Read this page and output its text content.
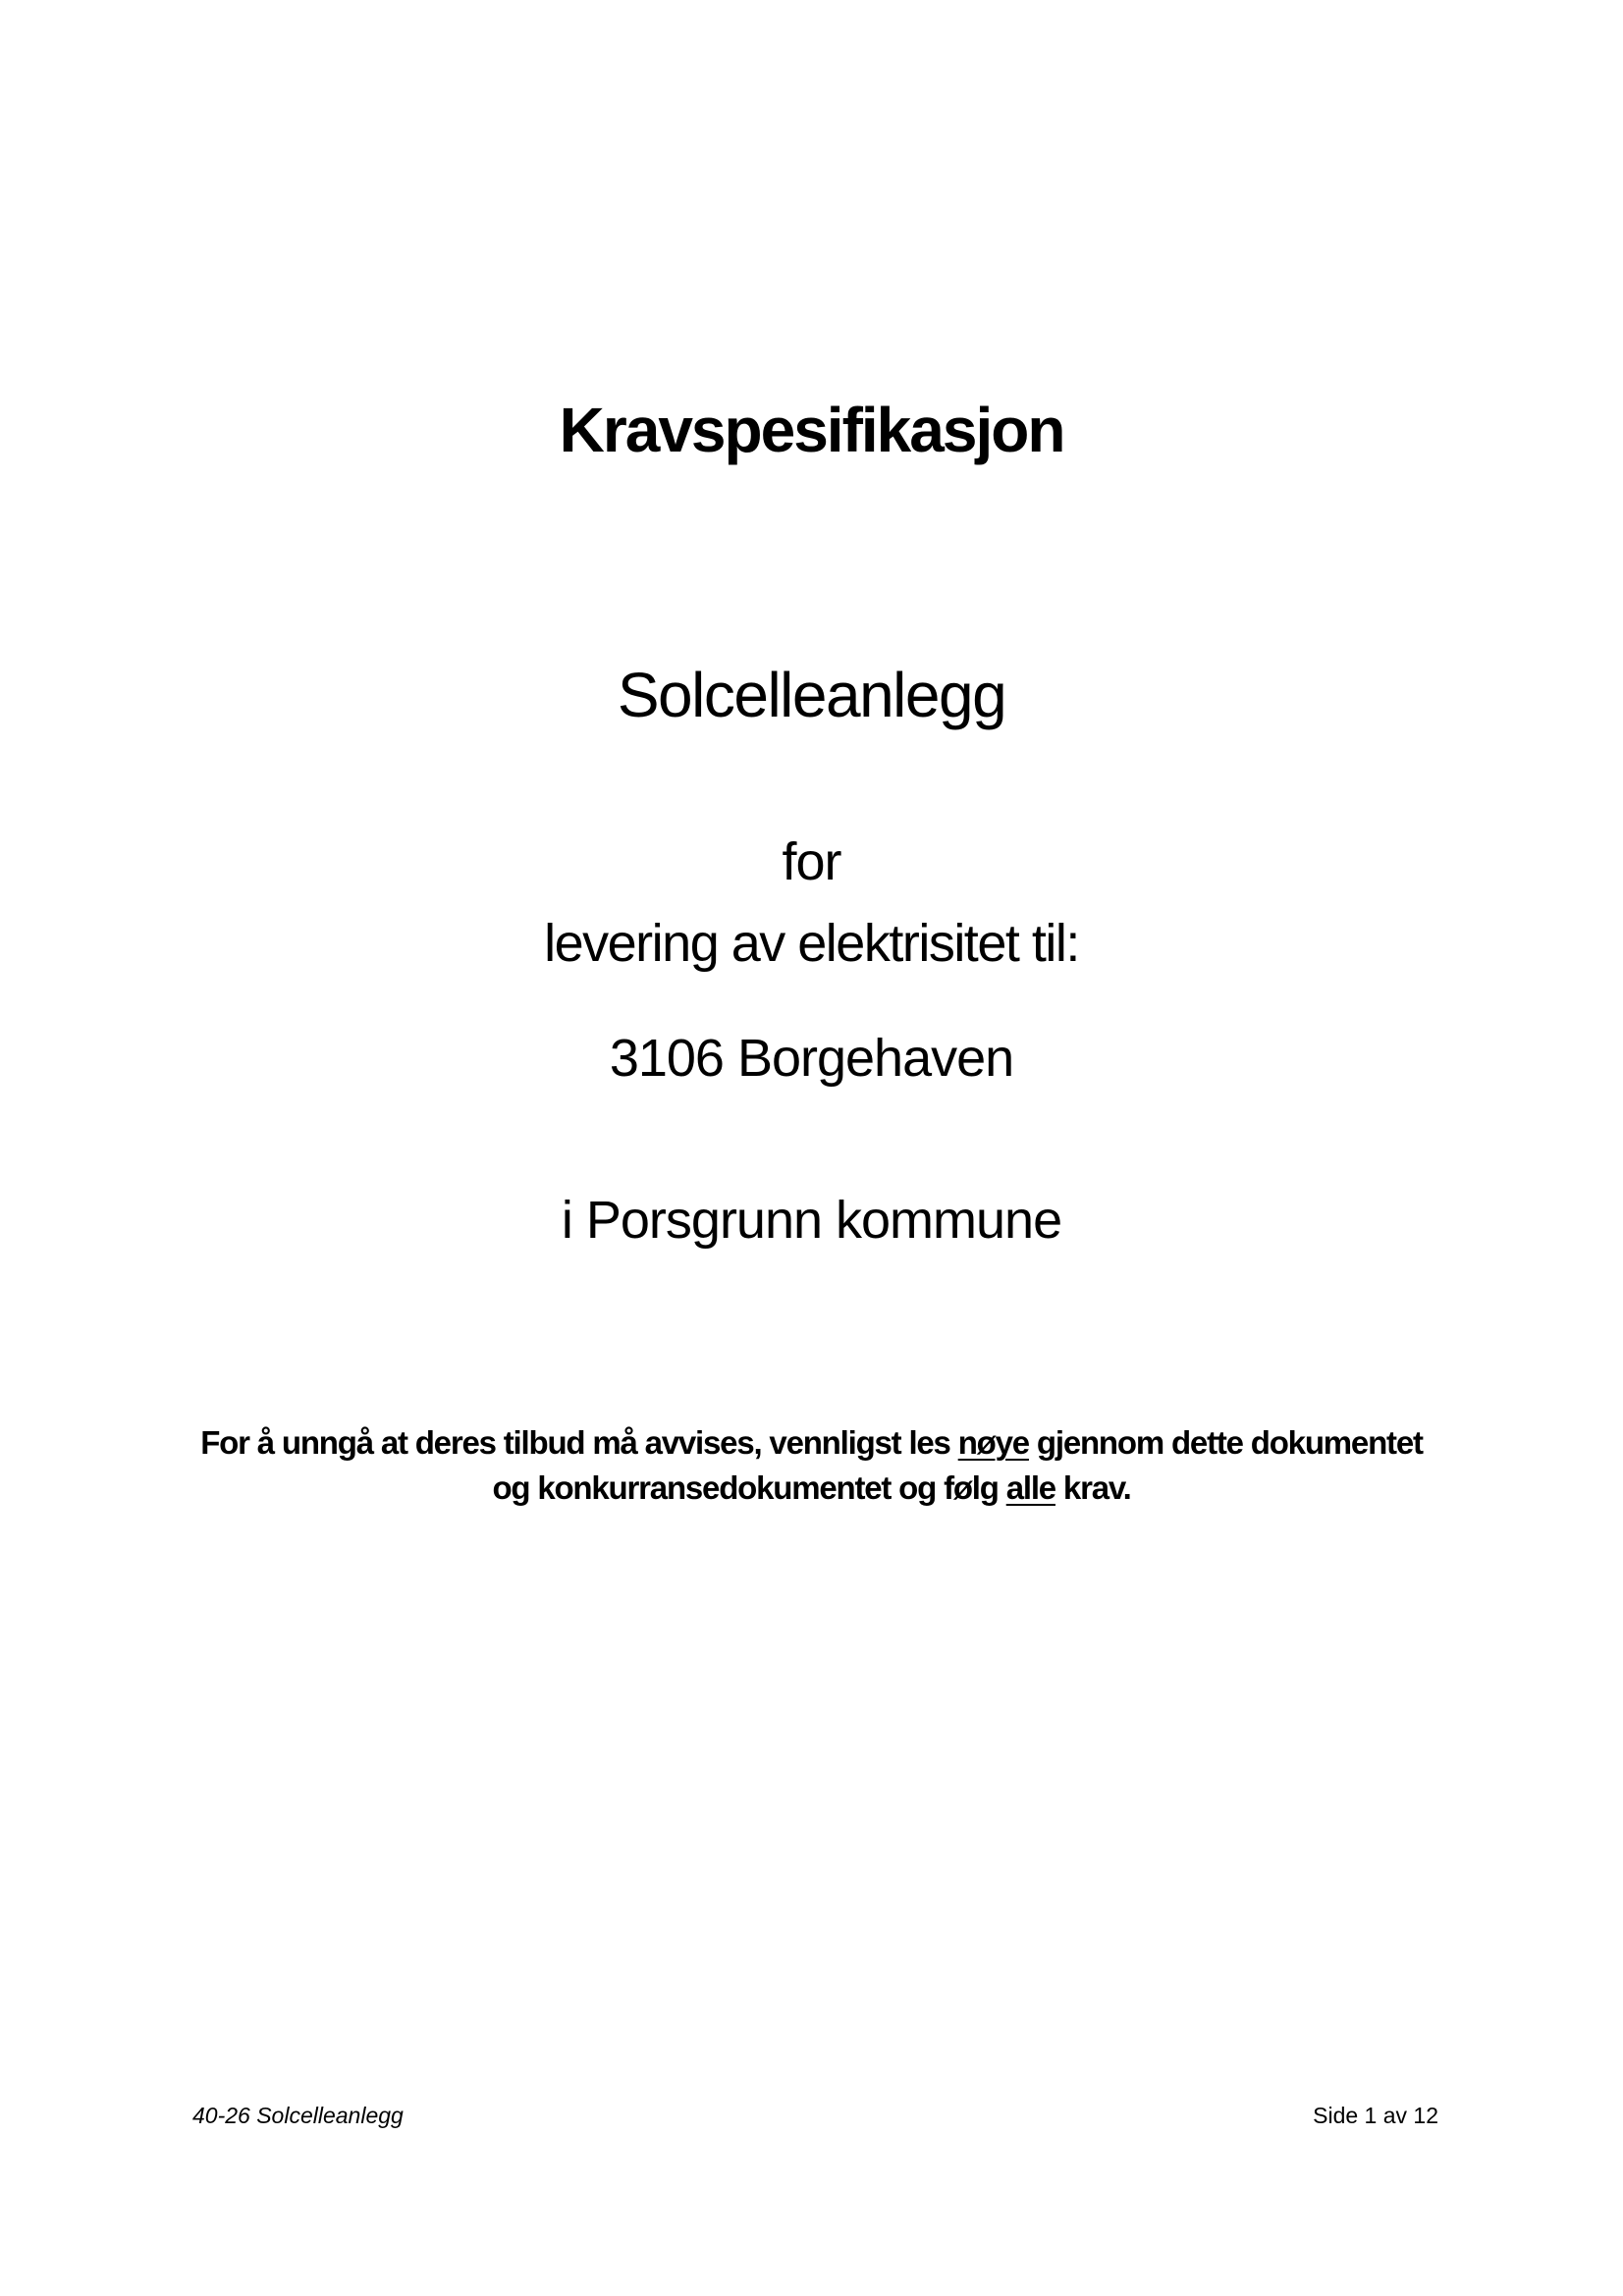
Kravspesifikasjon
Solcelleanlegg
for
levering av elektrisitet til:
3106 Borgehaven
i Porsgrunn kommune
For å unngå at deres tilbud må avvises, vennligst les nøye gjennom dette dokumentet
og konkurransedokumentet og følg alle krav.
40-26 Solcelleanlegg	Side 1 av 12
